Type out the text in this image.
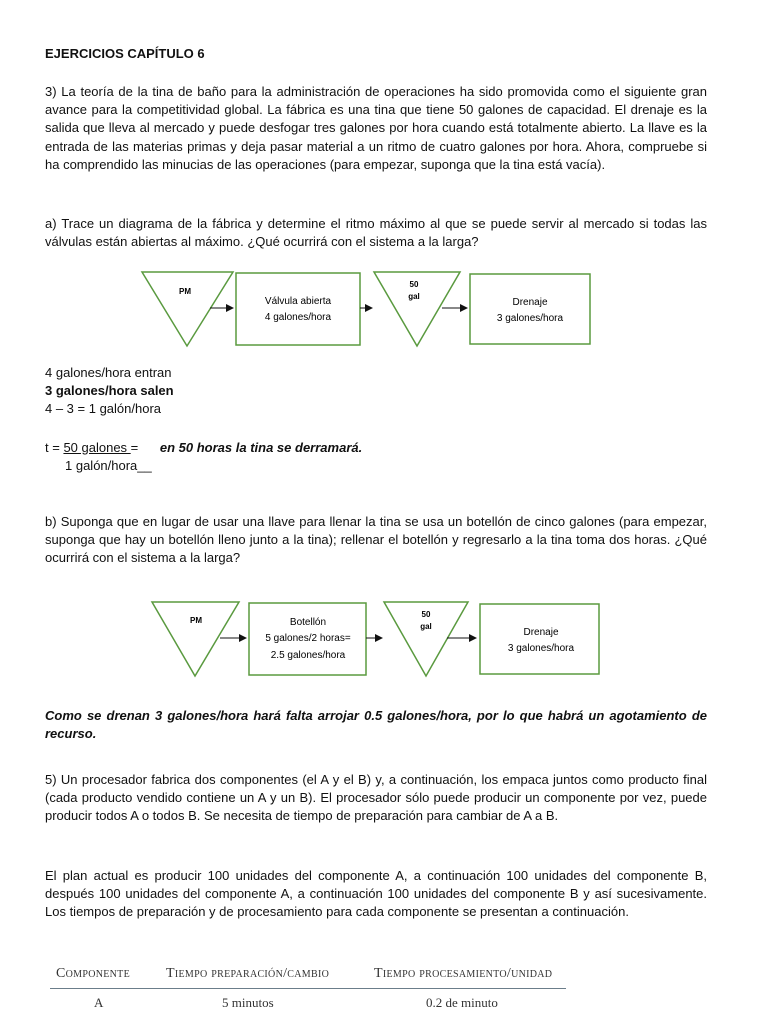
EJERCICIOS CAPÍTULO 6

3) La teoría de la tina de baño para la administración de operaciones ha sido promovida como el siguiente gran avance para la competitividad global. La fábrica es una tina que tiene 50 galones de capacidad. El drenaje es la salida que lleva al mercado y puede desfogar tres galones por hora cuando está totalmente abierto. La llave es la entrada de las materias primas y deja pasar material a un ritmo de cuatro galones por hora. Ahora, compruebe si ha comprendido las minucias de las operaciones (para empezar, suponga que la tina está vacía).

a) Trace un diagrama de la fábrica y determine el ritmo máximo al que se puede servir al mercado si todas las válvulas están abiertas al máximo. ¿Qué ocurrirá con el sistema a la larga?

PM
Válvula abierta
4 galones/hora
50
gal
Drenaje
3 galones/hora

4 galones/hora entran

3 galones/hora salen

4 – 3 = 1 galón/hora

t = 50 galones = en 50 horas la tina se derramará.

1 galón/hora__

b) Suponga que en lugar de usar una llave para llenar la tina se usa un botellón de cinco galones (para empezar, suponga que hay un botellón lleno junto a la tina); rellenar el botellón y regresarlo a la tina toma dos horas. ¿Qué ocurrirá con el sistema a la larga?

PM	Botellón
5 galones/2 horas=
2.5 galones/hora
50
gal
Drenaje
3 galones/hora

Como se drenan 3 galones/hora hará falta arrojar 0.5 galones/hora, por lo que habrá un agotamiento de recurso.

5) Un procesador fabrica dos componentes (el A y el B) y, a continuación, los empaca juntos como producto final (cada producto vendido contiene un A y un B). El procesador sólo puede producir un componente por vez, puede producir todos A o todos B. Se necesita de tiempo de preparación para cambiar de A a B.

El plan actual es producir 100 unidades del componente A, a continuación 100 unidades del componente B, después 100 unidades del componente A, a continuación 100 unidades del componente B y así sucesivamente. Los tiempos de preparación y de procesamiento para cada componente se presentan a continuación.

Componente	Tiempo preparación/cambio	Tiempo procesamiento/unidad
A	5 minutos	0.2 de minuto
